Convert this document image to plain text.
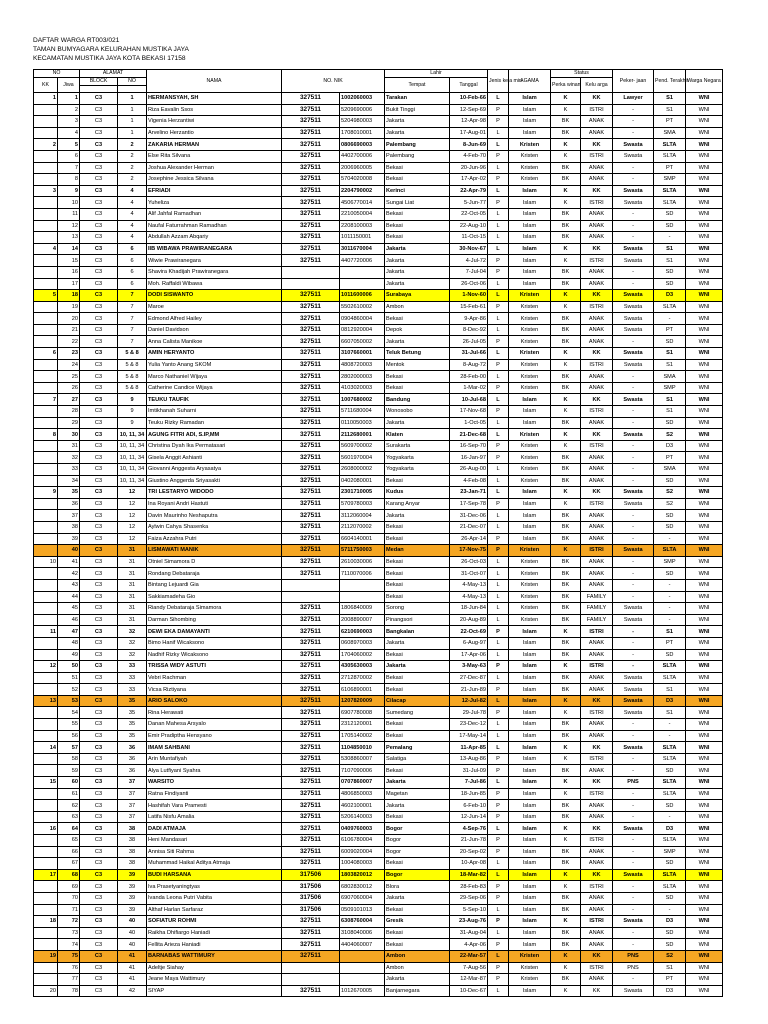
DAFTAR WARGA RT003/021
TAMAN BUMYAGARA KELURAHAN MUSTIKA JAYA
KECAMATAN MUSTIKA JAYA KOTA BEKASI 17158
NO		ALAMAT		NAMA	NO. NIK		Lahir		Jenis kela min	AGAMA	Status		Peker- jaan	Pend. Terakhir	Warga Negara
KK	Jiwa	BLOCK	NO				Tempat	Tanggal			Perka winan	Kelu arga			

1	1	C3	1	HERMANSYAH, SH	327511	1002060003	Tarakan	10-Feb-66	L	Islam	K	KK	Lawyer	S1	WNI
	2	C3	1	Riza Eavalin Ssos	327511	5209690006	Bukit Tinggi	12-Sep-69	P	Islam	K	ISTRI	-	S1	WNI
	3	C3	1	Vigenia Herzantiwi	327511	5204980003	Jakarta	12-Apr-98	P	Islam	BK	ANAK	-	PT	WNI
	4	C3	1	Arvelino Herzantio	327511	1708010001	Jakarta	17-Aug-01	L	Islam	BK	ANAK	-	SMA	WNI
2	5	C3	2	ZAKARIA HERMAN	327511	0806690003	Palembang	8-Jun-69	L	Kristen	K	KK	Swasta	SLTA	WNI
	6	C3	2	Else Rita Silvana	327511	4402700006	Palembang	4-Feb-70	P	Kristen	K	ISTRI	Swasta	SLTA	WNI
	7	C3	2	Joshua Alexander Herman	327511	2006960005	Bekasi	20-Jun-96	L	Kristen	BK	ANAK	-	PT	WNI
	8	C3	2	Josephine Jessica Silvana	327511	5704020008	Bekasi	17-Apr-02	P	Kristen	BK	ANAK	-	SMP	WNI
3	9	C3	4	EFRIADI	327511	2204790002	Kerinci	22-Apr-79	L	Islam	K	KK	Swasta	SLTA	WNI
	10	C3	4	Yuheliza	327511	4506770014	Sungai Liat	5-Jun-77	P	Islam	K	ISTRI	Swasta	SLTA	WNI
	11	C3	4	Alif Jahfal Ramadhan	327511	2210050004	Bekasi	22-Oct-05	L	Islam	BK	ANAK	-	SD	WNI
	12	C3	4	Naufal Faturrahman Ramadhan	327511	2208100003	Bekasi	22-Aug-10	L	Islam	BK	ANAK	-	SD	WNI
	13	C3	4	Abdullah Azzam Abqariy	327511	1011150001	Bekasi	11-Oct-15	L	Islam	BK	ANAK	-	-	WNI
4	14	C3	6	IIB WIBAWA PRAWIRANEGARA	327511	3011670004	Jakarta	30-Nov-67	L	Islam	K	KK	Swasta	S1	WNI
	15	C3	6	Wiwie Prawiranegara	327511	4407720006	Jakarta	4-Jul-72	P	Islam	K	ISTRI	Swasta	S1	WNI
	16	C3	6	Shavira Khadijah Prawiranegara			Jakarta	7-Jul-04	P	Islam	BK	ANAK	-	SD	WNI
	17	C3	6	Moh. Raffaldi Wibawa			Jakarta	26-Oct-06	L	Islam	BK	ANAK	-	SD	WNI
5	18	C3	7	DODI SISWANTO	327511	1011600006	Surabaya	1-Nov-60	L	Kristen	K	KK	Swasta	D3	WNI
	19	C3	7	Maroe	327511	5502610002	Ambon	15-Feb-61	P	Kristen	K	ISTRI	Swasta	SLTA	WNI
	20	C3	7	Edmond Alfred Hailey	327511	0904860004	Bekasi	9-Apr-86	L	Kristen	BK	ANAK	Swasta	-	WNI
	21	C3	7	Daniel Davidson	327511	0812920004	Depok	8-Dec-92	L	Kristen	BK	ANAK	Swasta	PT	WNI
	22	C3	7	Anna Calista Manikoe	327511	6607050002	Jakarta	26-Jul-05	P	Kristen	BK	ANAK	-	SD	WNI
6	23	C3	5 & 8	AMIN HERYANTO	327511	3107660001	Teluk Betung	31-Jul-66	L	Kristen	K	KK	Swasta	S1	WNI
	24	C3	5 & 8	Yulia Yanto Anang SKOM	327511	4808720003	Mentok	8-Aug-72	P	Kristen	K	ISTRI	Swasta	S1	WNI
	25	C3	5 & 8	Marco Nathaniel Wijaya	327511	2802000003	Bekasi	28-Feb-00	L	Kristen	BK	ANAK	-	SMA	WNI
	26	C3	5 & 8	Catherine Candice Wijaya	327511	4103020003	Bekasi	1-Mar-02	P	Kristen	BK	ANAK	-	SMP	WNI
7	27	C3	9	TEUKU TAUFIK	327511	1007680002	Bandung	10-Jul-68	L	Islam	K	KK	Swasta	S1	WNI
	28	C3	9	Imtikhanah Suharni	327511	5711680004	Wonosobo	17-Nov-68	P	Islam	K	ISTRI	-	S1	WNI
	29	C3	9	Teuku Rizky Ramadan	327511	0110050003	Jakarta	1-Oct-05	L	Islam	BK	ANAK	-	SD	WNI
8	30	C3	10, 11, 34	AGUNG FITRI ADI, S.IP,MM	327511	2112680001	Klaten	21-Dec-68	L	Kristen	K	KK	Swasta	S2	WNI
	31	C3	10, 11, 34	Christina Dyah Ika Permatasari	327511	5609700002	Surakarta	16-Sep-70	P	Kristen	K	ISTRI	-	D3	WNI
	32	C3	10, 11, 34	Gisela Anggit Ashianti	327511	5601970004	Yogyakarta	16-Jan-97	P	Kristen	BK	ANAK	-	PT	WNI
	33	C3	10, 11, 34	Giovanni Anggesta Aryasatya	327511	2608000002	Yogyakarta	26-Aug-00	L	Kristen	BK	ANAK	-	SMA	WNI
	34	C3	10, 11, 34	Giustino Anggerda Sriyasakti	327511	0402080001	Bekasi	4-Feb-08	L	Kristen	BK	ANAK	-	SD	WNI
9	35	C3	12	TRI LESTARYO WIDODO	327511	2301710005	Kudus	23-Jan-71	L	Islam	K	KK	Swasta	S2	WNI
	36	C3	12	Ina Royani Andri Hastuti	327511	5709780003	Karang Anyar	17-Sep-78	P	Islam	K	ISTRI	Swasta	S2	WNI
	37	C3	12	Davin Maurinho Neshaputra	327511	3112060004	Jakarta	31-Dec-06	L	Islam	BK	ANAK	-	SD	WNI
	38	C3	12	Aylwin Cahya Shasenka	327511	2112070002	Bekasi	21-Dec-07	L	Islam	BK	ANAK	-	SD	WNI
	39	C3	12	Faiza Azzahra Putri	327511	6604140001	Bekasi	26-Apr-14	P	Islam	BK	ANAK	-	-	WNI
	40	C3	31	LISMAWATI MANIK	327511	5711750003	Medan	17-Nov-75	P	Kristen	K	ISTRI	Swasta	SLTA	WNI
10	41	C3	31	Otniel Simamora D	327511	2610030006	Bekasi	26-Oct-03	L	Kristen	BK	ANAK	-	SMP	WNI
	42	C3	31	Rondang Debataraja	327511	7110070006	Bekasi	31-Oct-07	L	Kristen	BK	ANAK	-	SD	WNI
	43	C3	31	Bintang Lejuardi Gia			Bekasi	4-May-13	L	Kristen	BK	ANAK	-	-	WNI
	44	C3	31	Sakkiamadeha Gio			Bekasi	4-May-13	L	Kristen	BK	FAMILY	-	-	WNI
	45	C3	31	Riandy Debataraja Simamora	327511	1806840009	Sorong	18-Jun-84	L	Kristen	BK	FAMILY	Swasta	-	WNI
	46	C3	31	Darman Sihombing	327511	2008890007	Pinangsori	20-Aug-89	L	Kristen	BK	FAMILY	Swasta	-	WNI
11	47	C3	32	DEWI EKA DAMAYANTI	327511	6210690003	Bangkalan	22-Oct-69	P	Islam	K	ISTRI	-	S1	WNI
	48	C3	32	Bimo Hanif Wicaksono	327511	0608970003	Jakarta	6-Aug-97	L	Islam	BK	ANAK	-	PT	WNI
	49	C3	32	Nadhif Rizky Wicaksono	327511	1704060002	Bekasi	17-Apr-06	L	Islam	BK	ANAK	-	SD	WNI
12	50	C3	33	TRISSA WIDY ASTUTI	327511	4305630003	Jakarta	3-May-63	P	Islam	K	ISTRI	-	SLTA	WNI
	51	C3	33	Vebri Rachman	327511	2712870002	Bekasi	27-Dec-87	L	Islam	BK	ANAK	Swasta	SLTA	WNI
	52	C3	33	Vicsa Riztiyana	327511	6106890001	Bekasi	21-Jun-89	P	Islam	BK	ANAK	Swasta	S1	WNI
13	53	C3	35	ARIO SALOKO	327511	1207820009	Cilacap	12-Jul-82	L	Islam	K	KK	Swasta	D3	WNI
	54	C3	35	Rina Herawati	327511	6907780008	Sumedang	29-Jul-78	P	Islam	K	ISTRI	Swasta	S1	WNI
	55	C3	35	Danan Mahesa Arsyalo	327511	2312120001	Bekasi	23-Dec-12	L	Islam	BK	ANAK	-	-	WNI
	56	C3	35	Emir Pradiptha Hensyano	327511	1705140002	Bekasi	17-May-14	L	Islam	BK	ANAK	-	-	WNI
14	57	C3	36	IMAM SAHBANI	327511	1104850010	Pemalang	11-Apr-85	L	Islam	K	KK	Swasta	SLTA	WNI
	58	C3	36	Arin Muntafiyah	327511	5308860007	Salatiga	13-Aug-86	P	Islam	K	ISTRI	-	SLTA	WNI
	59	C3	36	Alya Lutfiyani Syahra	327511	7107090006	Bekasi	31-Jul-09	P	Islam	BK	ANAK	-	SD	WNI
15	60	C3	37	WARSITO	327511	0707860007	Jakarta	7-Jul-86	L	Islam	K	KK	PNS	SLTA	WNI
	61	C3	37	Ratna Findiyanti	327511	4806850003	Magetan	18-Jun-85	P	Islam	K	ISTRI	-	SLTA	WNI
	62	C3	37	Hashifah Vara Pramesti	327511	4602100001	Jakarta	6-Feb-10	P	Islam	BK	ANAK	-	SD	WNI
	63	C3	37	Latifa Nisfu Amalia	327511	5206140003	Bekasi	12-Jun-14	P	Islam	BK	ANAK	-	-	WNI
16	64	C3	38	DADI ATMAJA	327511	0409760003	Bogor	4-Sep-76	L	Islam	K	KK	Swasta	D3	WNI
	65	C3	38	Heni Mandasari	327511	6106780004	Bogor	21-Jun-78	P	Islam	K	ISTRI	-	SLTA	WNI
	66	C3	38	Annisa Siti Rahma	327511	6009020004	Bogor	20-Sep-02	P	Islam	BK	ANAK	-	SMP	WNI
	67	C3	38	Muhammad Haikal Aditya Atmaja	327511	1004080003	Bekasi	10-Apr-08	L	Islam	BK	ANAK	-	SD	WNI
17	68	C3	39	BUDI HARSANA	317506	1803820012	Bogor	18-Mar-82	L	Islam	K	KK	Swasta	SLTA	WNI
	69	C3	39	Iva Prasetyaningtyas	317506	6802830012	Blora	28-Feb-83	P	Islam	K	ISTRI	-	SLTA	WNI
	70	C3	39	Ivanda Leona Putri Vabita	317506	6907060004	Jakarta	29-Sep-06	P	Islam	BK	ANAK	-	SD	WNI
	71	C3	39	Althaf Harlan Sarfaraz	317506	0509101013	Bekasi	5-Sep-10	L	Islam	BK	ANAK	-	-	WNI
18	72	C3	40	SOFIATUR ROHMI	327511	6308760004	Gresik	23-Aug-76	P	Islam	K	ISTRI	Swasta	D3	WNI
	73	C3	40	Raikha Dhifiargo Haniadi	327511	3108040006	Bekasi	31-Aug-04	L	Islam	BK	ANAK	-	SD	WNI
	74	C3	40	Fellita Arieza Haniadi	327511	4404060007	Bekasi	4-Apr-06	P	Islam	BK	ANAK	-	SD	WNI
19	75	C3	41	BARNABAS WATTIMURY	327511		Ambon	22-Mar-57	L	Kristen	K	KK	PNS	S2	WNI
	76	C3	41	Adeltje Siahay			Ambon	7-Aug-56	P	Kristen	K	ISTRI	PNS	S1	WNI
	77	C3	41	Jeane Maya Wattimury			Jakarta	12-Mar-87	P	Kristen	BK	ANAK	-	PT	WNI
20	78	C3	42	SIYAP	327511	1012670005	Banjarnegara	10-Dec-67	L	Islam	K	KK	Swasta	D3	WNI
